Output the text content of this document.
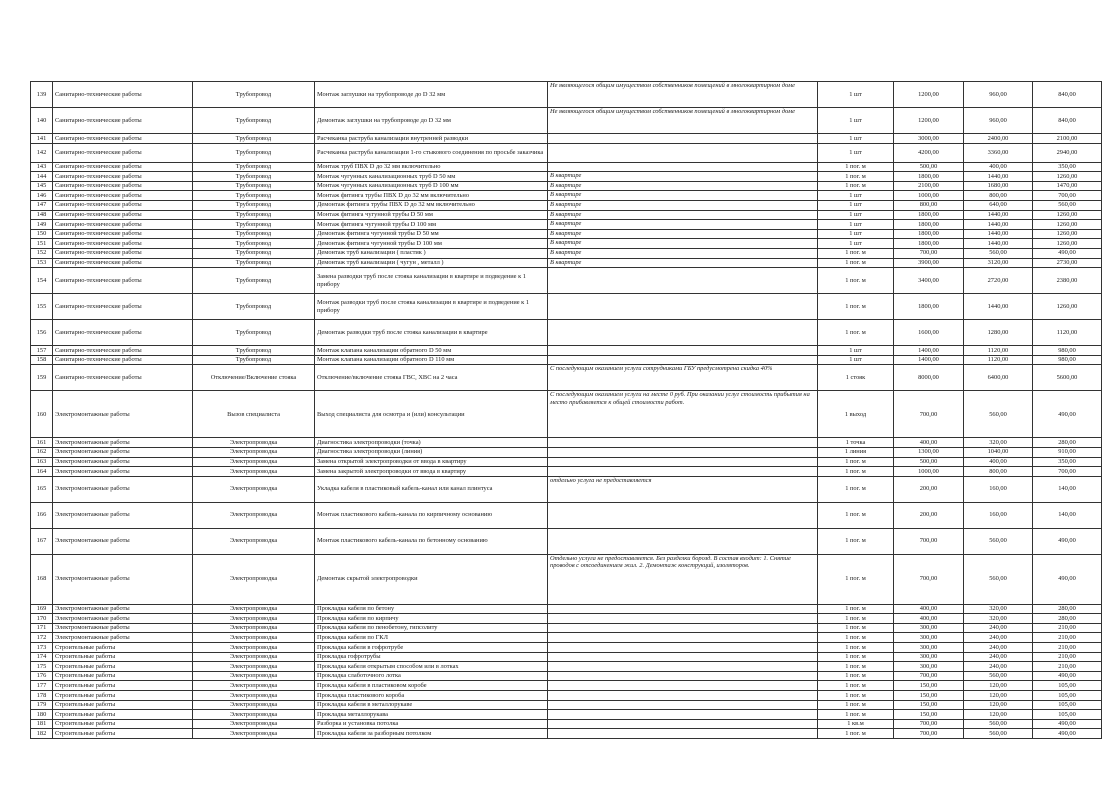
139	Санитарно-технические работы	Трубопровод	Монтаж заглушки на трубопроводе до D 32 мм	Не являющегося общим имуществом собственников помещений в многоквартирном доме	1 шт	1200,00	960,00	840,00
140	Санитарно-технические работы	Трубопровод	Демонтаж заглушки на трубопроводе до D 32 мм	Не являющегося общим имуществом собственников помещений в многоквартирном доме	1 шт	1200,00	960,00	840,00
141	Санитарно-технические работы	Трубопровод	Расчеканка раструба канализации внутренней разводки		1 шт	3000,00	2400,00	2100,00
142	Санитарно-технические работы	Трубопровод	Расчеканка раструба канализации 1-го стыкового соединения по просьбе заказчика		1 шт	4200,00	3360,00	2940,00
143	Санитарно-технические работы	Трубопровод	Монтаж труб ПВХ D до 32 мм включительно		1 пог. м	500,00	400,00	350,00
144	Санитарно-технические работы	Трубопровод	Монтаж чугунных канализационных труб D 50 мм	В квартире	1 пог. м	1800,00	1440,00	1260,00
145	Санитарно-технические работы	Трубопровод	Монтаж чугунных канализационных труб D 100 мм	В квартире	1 пог. м	2100,00	1680,00	1470,00
146	Санитарно-технические работы	Трубопровод	Монтаж фитинга трубы ПВХ D до 32 мм включительно	В квартире	1 шт	1000,00	800,00	700,00
147	Санитарно-технические работы	Трубопровод	Демонтаж фитинга трубы ПВХ D до 32 мм включительно	В квартире	1 шт	800,00	640,00	560,00
148	Санитарно-технические работы	Трубопровод	Монтаж фитинга чугунной трубы D 50 мм	В квартире	1 шт	1800,00	1440,00	1260,00
149	Санитарно-технические работы	Трубопровод	Монтаж фитинга чугунной трубы D 100 мм	В квартире	1 шт	1800,00	1440,00	1260,00
150	Санитарно-технические работы	Трубопровод	Демонтаж фитинга чугунной трубы D 50 мм	В квартире	1 шт	1800,00	1440,00	1260,00
151	Санитарно-технические работы	Трубопровод	Демонтаж фитинга чугунной трубы D 100 мм	В квартире	1 шт	1800,00	1440,00	1260,00
152	Санитарно-технические работы	Трубопровод	Демонтаж труб канализации ( пластик )	В квартире	1 пог. м	700,00	560,00	490,00
153	Санитарно-технические работы	Трубопровод	Демонтаж труб канализации ( чугун , металл )	В квартире	1 пог. м	3900,00	3120,00	2730,00
154	Санитарно-технические работы	Трубопровод	Замена разводки труб после стояка канализации в квартире и подведение к 1 прибору		1 пог. м	3400,00	2720,00	2380,00
155	Санитарно-технические работы	Трубопровод	Монтаж разводки труб после стояка канализации в квартире и подведение к 1 прибору		1 пог. м	1800,00	1440,00	1260,00
156	Санитарно-технические работы	Трубопровод	Демонтаж разводки труб после стояка канализации в квартире		1 пог. м	1600,00	1280,00	1120,00
157	Санитарно-технические работы	Трубопровод	Монтаж клапана канализации обратного D 50 мм		1 шт	1400,00	1120,00	980,00
158	Санитарно-технические работы	Трубопровод	Монтаж клапана канализации обратного D 110 мм		1 шт	1400,00	1120,00	980,00
159	Санитарно-технические работы	Отключение/Включение стояка	Отключение/включение стояка ГВС, ХВС на 2 часа	С последующим оказанием услуги сотрудниками ГБУ предусмотрена скидка 40%	1 стояк	8000,00	6400,00	5600,00
160	Электромонтажные работы	Вызов специалиста	Выход специалиста для осмотра и (или) консультации	С последующим оказанием услуги на месте 0 руб. При оказании услуг стоимость прибытия на место прибавляется к общей стоимости работ.	1 выход	700,00	560,00	490,00
161	Электромонтажные работы	Электропроводка	Диагностика электропроводки (точка)		1 точка	400,00	320,00	280,00
162	Электромонтажные работы	Электропроводка	Диагностика электропроводки (линия)		1 линия	1300,00	1040,00	910,00
163	Электромонтажные работы	Электропроводка	Замена открытой электропроводки от ввода в квартиру		1 пог. м	500,00	400,00	350,00
164	Электромонтажные работы	Электропроводка	Замена закрытой электропроводки от ввода в квартиру		1 пог. м	1000,00	800,00	700,00
165	Электромонтажные работы	Электропроводка	Укладка кабеля в пластиковый кабель-канал или канал плинтуса	отдельно услуга не предоставляется	1 пог. м	200,00	160,00	140,00
166	Электромонтажные работы	Электропроводка	Монтаж пластикового кабель-канала по кирпичному основанию		1 пог. м	200,00	160,00	140,00
167	Электромонтажные работы	Электропроводка	Монтаж пластикового кабель-канала по бетонному основанию		1 пог. м	700,00	560,00	490,00
168	Электромонтажные работы	Электропроводка	Демонтаж скрытой электропроводки	Отдельно услуга не предоставляется. Без разделки борозд. В состав входит: 1. Снятие проводов с отсоединением жил. 2. Демонтаж конструкций, изоляторов.	1 пог. м	700,00	560,00	490,00
169	Электромонтажные работы	Электропроводка	Прокладка кабеля по бетону		1 пог. м	400,00	320,00	280,00
170	Электромонтажные работы	Электропроводка	Прокладка кабеля по кирпичу		1 пог. м	400,00	320,00	280,00
171	Электромонтажные работы	Электропроводка	Прокладка кабеля по пенобетону, гипсолиту		1 пог. м	300,00	240,00	210,00
172	Электромонтажные работы	Электропроводка	Прокладка кабеля по ГКЛ		1 пог. м	300,00	240,00	210,00
173	Строительные работы	Электропроводка	Прокладка кабеля в гофротрубе		1 пог. м	300,00	240,00	210,00
174	Строительные работы	Электропроводка	Прокладка гофротрубы		1 пог. м	300,00	240,00	210,00
175	Строительные работы	Электропроводка	Прокладка кабеля открытым способом или в лотках		1 пог. м	300,00	240,00	210,00
176	Строительные работы	Электропроводка	Прокладка слаботочного лотка		1 пог. м	700,00	560,00	490,00
177	Строительные работы	Электропроводка	Прокладка кабеля в пластиковом коробе		1 пог. м	150,00	120,00	105,00
178	Строительные работы	Электропроводка	Прокладка пластикового короба		1 пог. м	150,00	120,00	105,00
179	Строительные работы	Электропроводка	Прокладка кабеля в металлорукаве		1 пог. м	150,00	120,00	105,00
180	Строительные работы	Электропроводка	Прокладка металлорукава		1 пог. м	150,00	120,00	105,00
181	Строительные работы	Электропроводка	Разборка и установка потолка		1 кв.м	700,00	560,00	490,00
182	Строительные работы	Электропроводка	Прокладка кабеля за разборным потолком		1 пог. м	700,00	560,00	490,00
